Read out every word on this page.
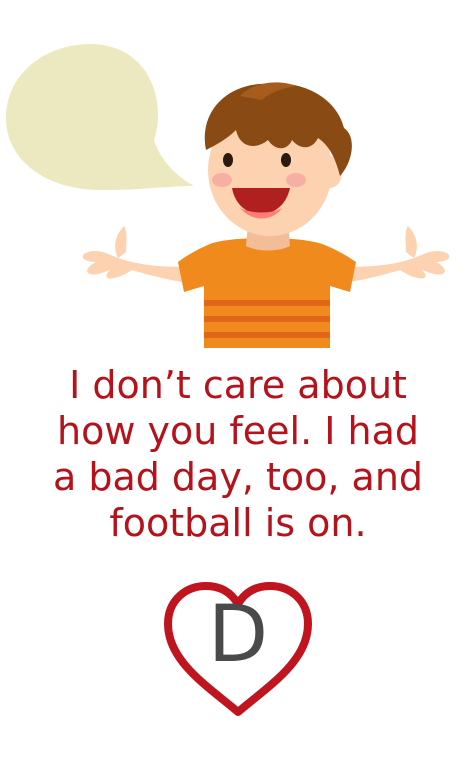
I don’t care about
how you feel. I had
a bad day, too, and
football is on.
D
